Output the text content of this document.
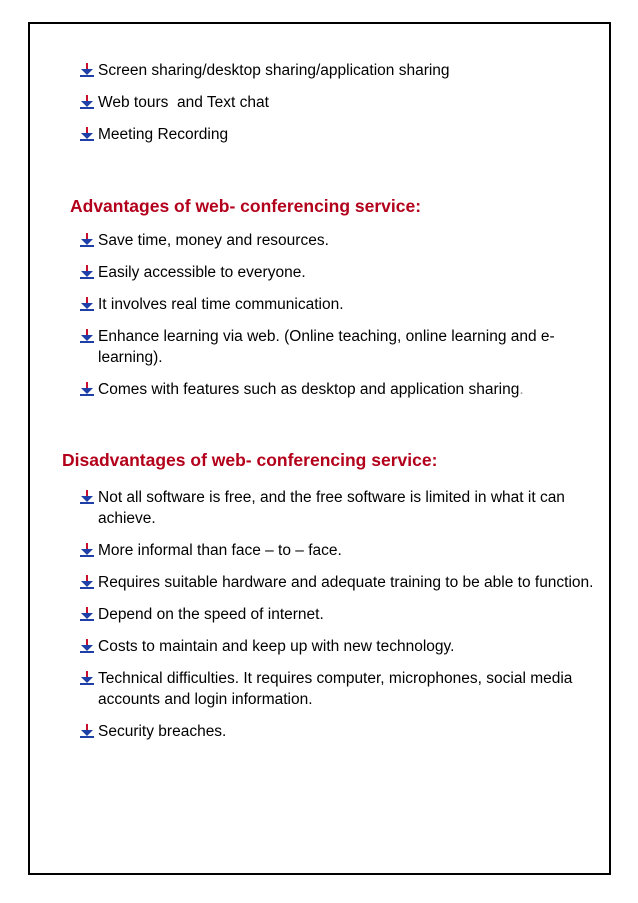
Screen sharing/desktop sharing/application sharing
Web tours  and Text chat
Meeting Recording
Advantages of web- conferencing service:
Save time, money and resources.
Easily accessible to everyone.
It involves real time communication.
Enhance learning via web. (Online teaching, online learning and e-learning).
Comes with features such as desktop and application sharing.
Disadvantages of web- conferencing service:
Not all software is free, and the free software is limited in what it can achieve.
More informal than face – to – face.
Requires suitable hardware and adequate training to be able to function.
Depend on the speed of internet.
Costs to maintain and keep up with new technology.
Technical difficulties. It requires computer, microphones, social media accounts and login information.
Security breaches.
